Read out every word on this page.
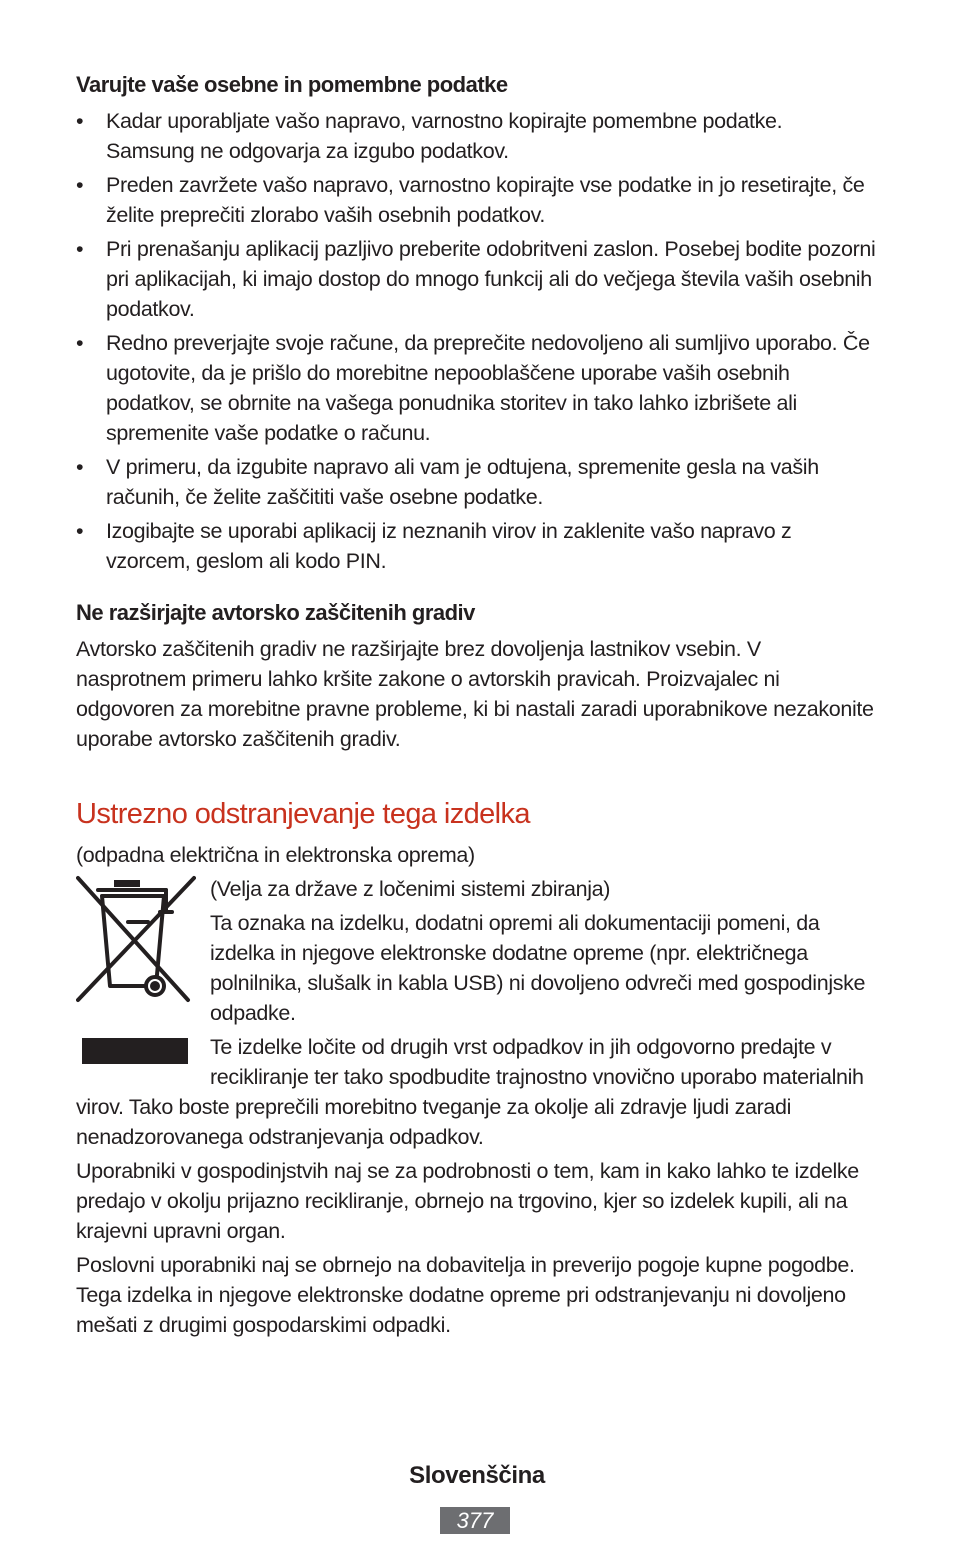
Varujte vaše osebne in pomembne podatke
• Kadar uporabljate vašo napravo, varnostno kopirajte pomembne podatke. Samsung ne odgovarja za izgubo podatkov.
• Preden zavržete vašo napravo, varnostno kopirajte vse podatke in jo resetirajte, če želite preprečiti zlorabo vaših osebnih podatkov.
• Pri prenašanju aplikacij pazljivo preberite odobritveni zaslon. Posebej bodite pozorni pri aplikacijah, ki imajo dostop do mnogo funkcij ali do večjega števila vaših osebnih podatkov.
• Redno preverjajte svoje račune, da preprečite nedovoljeno ali sumljivo uporabo. Če ugotovite, da je prišlo do morebitne nepooblaščene uporabe vaših osebnih podatkov, se obrnite na vašega ponudnika storitev in tako lahko izbrišete ali spremenite vaše podatke o računu.
• V primeru, da izgubite napravo ali vam je odtujena, spremenite gesla na vaših računih, če želite zaščititi vaše osebne podatke.
• Izogibajte se uporabi aplikacij iz neznanih virov in zaklenite vašo napravo z vzorcem, geslom ali kodo PIN.
Ne razširjajte avtorsko zaščitenih gradiv

Avtorsko zaščitenih gradiv ne razširjajte brez dovoljenja lastnikov vsebin. V nasprotnem primeru lahko kršite zakone o avtorskih pravicah. Proizvajalec ni odgovoren za morebitne pravne probleme, ki bi nastali zaradi uporabnikove nezakonite uporabe avtorsko zaščitenih gradiv.

Ustrezno odstranjevanje tega izdelka

(odpadna električna in elektronska oprema)

(Velja za države z ločenimi sistemi zbiranja)

Ta oznaka na izdelku, dodatni opremi ali dokumentaciji pomeni, da izdelka in njegove elektronske dodatne opreme (npr. električnega polnilnika, slušalk in kabla USB) ni dovoljeno odvreči med gospodinjske odpadke.

Te izdelke ločite od drugih vrst odpadkov in jih odgovorno predajte v recikliranje ter tako spodbudite trajnostno vnovično uporabo materialnih virov. Tako boste preprečili morebitno tveganje za okolje ali zdravje ljudi zaradi nenadzorovanega odstranjevanja odpadkov.

Uporabniki v gospodinjstvih naj se za podrobnosti o tem, kam in kako lahko te izdelke predajo v okolju prijazno recikliranje, obrnejo na trgovino, kjer so izdelek kupili, ali na krajevni upravni organ.

Poslovni uporabniki naj se obrnejo na dobavitelja in preverijo pogoje kupne pogodbe. Tega izdelka in njegove elektronske dodatne opreme pri odstranjevanju ni dovoljeno mešati z drugimi gospodarskimi odpadki.

Slovenščina
377
